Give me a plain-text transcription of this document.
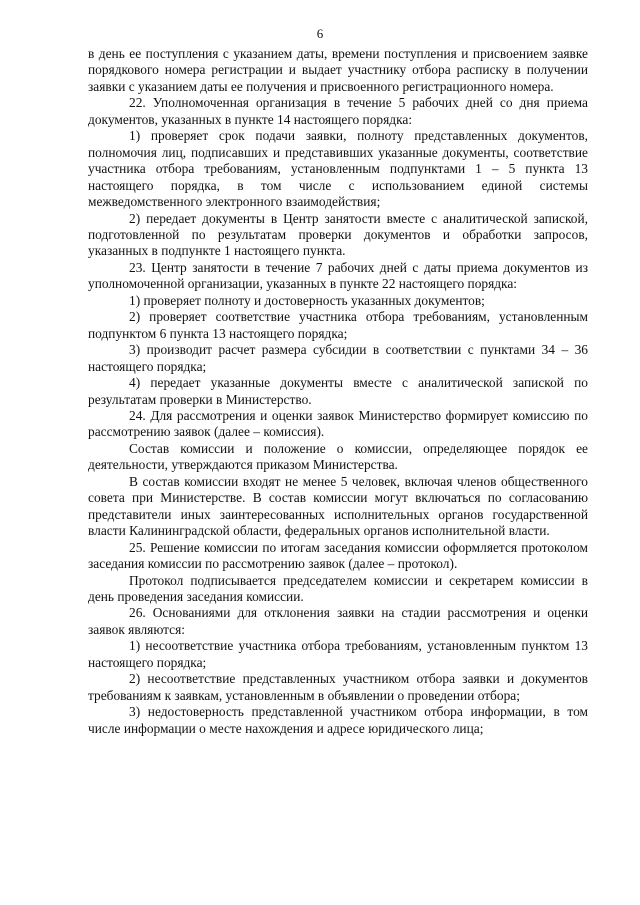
6

в день ее поступления с указанием даты, времени поступления и присвоением заявке порядкового номера регистрации и выдает участнику отбора расписку в получении заявки с указанием даты ее получения и присвоенного регистрационного номера.

22. Уполномоченная организация в течение 5 рабочих дней со дня приема документов, указанных в пункте 14 настоящего порядка:

1) проверяет срок подачи заявки, полноту представленных документов, полномочия лиц, подписавших и представивших указанные документы, соответствие участника отбора требованиям, установленным подпунктами 1 – 5 пункта 13 настоящего порядка, в том числе с использованием единой системы межведомственного электронного взаимодействия;

2) передает документы в Центр занятости вместе с аналитической запиской, подготовленной по результатам проверки документов и обработки запросов, указанных в подпункте 1 настоящего пункта.

23. Центр занятости в течение 7 рабочих дней с даты приема документов из уполномоченной организации, указанных в пункте 22 настоящего порядка:

1) проверяет полноту и достоверность указанных документов;

2) проверяет соответствие участника отбора требованиям, установленным подпунктом 6 пункта 13 настоящего порядка;

3) производит расчет размера субсидии в соответствии с пунктами 34 – 36 настоящего порядка;

4) передает указанные документы вместе с аналитической запиской по результатам проверки в Министерство.

24. Для рассмотрения и оценки заявок Министерство формирует комиссию по рассмотрению заявок (далее – комиссия).

Состав комиссии и положение о комиссии, определяющее порядок ее деятельности, утверждаются приказом Министерства.

В состав комиссии входят не менее 5 человек, включая членов общественного совета при Министерстве. В состав комиссии могут включаться по согласованию представители иных заинтересованных исполнительных органов государственной власти Калининградской области, федеральных органов исполнительной власти.

25. Решение комиссии по итогам заседания комиссии оформляется протоколом заседания комиссии по рассмотрению заявок (далее – протокол).

Протокол подписывается председателем комиссии и секретарем комиссии в день проведения заседания комиссии.

26. Основаниями для отклонения заявки на стадии рассмотрения и оценки заявок являются:

1) несоответствие участника отбора требованиям, установленным пунктом 13 настоящего порядка;

2) несоответствие представленных участником отбора заявки и документов требованиям к заявкам, установленным в объявлении о проведении отбора;

3) недостоверность представленной участником отбора информации, в том числе информации о месте нахождения и адресе юридического лица;
